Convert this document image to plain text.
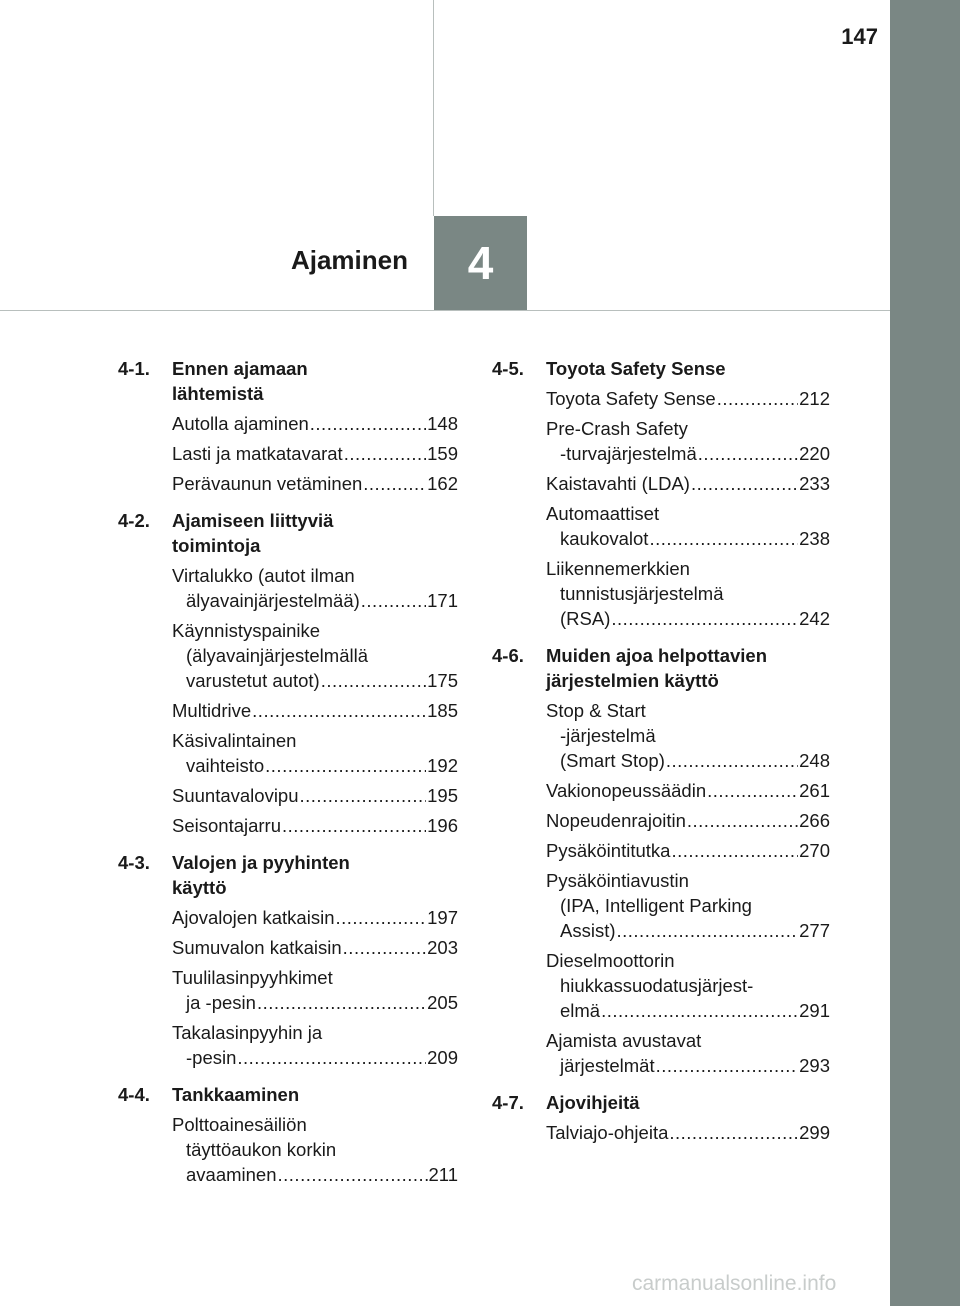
147
Ajaminen 4
4-1.	Ennen ajamaan
lähtemistä
Autolla ajaminen .....	148
Lasti ja matkatavarat .....	159
Perävaunun vetäminen .....	162
4-2.	Ajamiseen liittyviä
toimintoja
Virtalukko (autot ilman
älyavainjärjestelmää) .....	171
Käynnistyspainike
(älyavainjärjestelmällä
varustetut autot) .....	175
Multidrive .....	185
Käsivalintainen
vaihteisto .....	192
Suuntavalovipu .....	195
Seisontajarru .....	196
4-3.	Valojen ja pyyhinten
käyttö
Ajovalojen katkaisin .....	197
Sumuvalon katkaisin .....	203
Tuulilasinpyyhkimet
ja -pesin .....	205
Takalasinpyyhin ja
-pesin .....	209
4-4.	Tankkaaminen
Polttoainesäiliön
täyttöaukon korkin
avaaminen .....	211
4-5.	Toyota Safety Sense
Toyota Safety Sense .....	212
Pre-Crash Safety
-turvajärjestelmä .....	220
Kaistavahti (LDA) .....	233
Automaattiset
kaukovalot .....	238
Liikennemerkkien
tunnistusjärjestelmä
(RSA) .....	242
4-6.	Muiden ajoa helpottavien
järjestelmien käyttö
Stop & Start
-järjestelmä
(Smart Stop) .....	248
Vakionopeussäädin .....	261
Nopeudenrajoitin .....	266
Pysäköintitutka .....	270
Pysäköintiavustin
(IPA, Intelligent Parking
Assist) .....	277
Dieselmoottorin
hiukkassuodatusjärjest-
elmä .....	291
Ajamista avustavat
järjestelmät .....	293
4-7.	Ajovihjeitä
Talviajo-ohjeita .....	299
carmanualsonline.info
